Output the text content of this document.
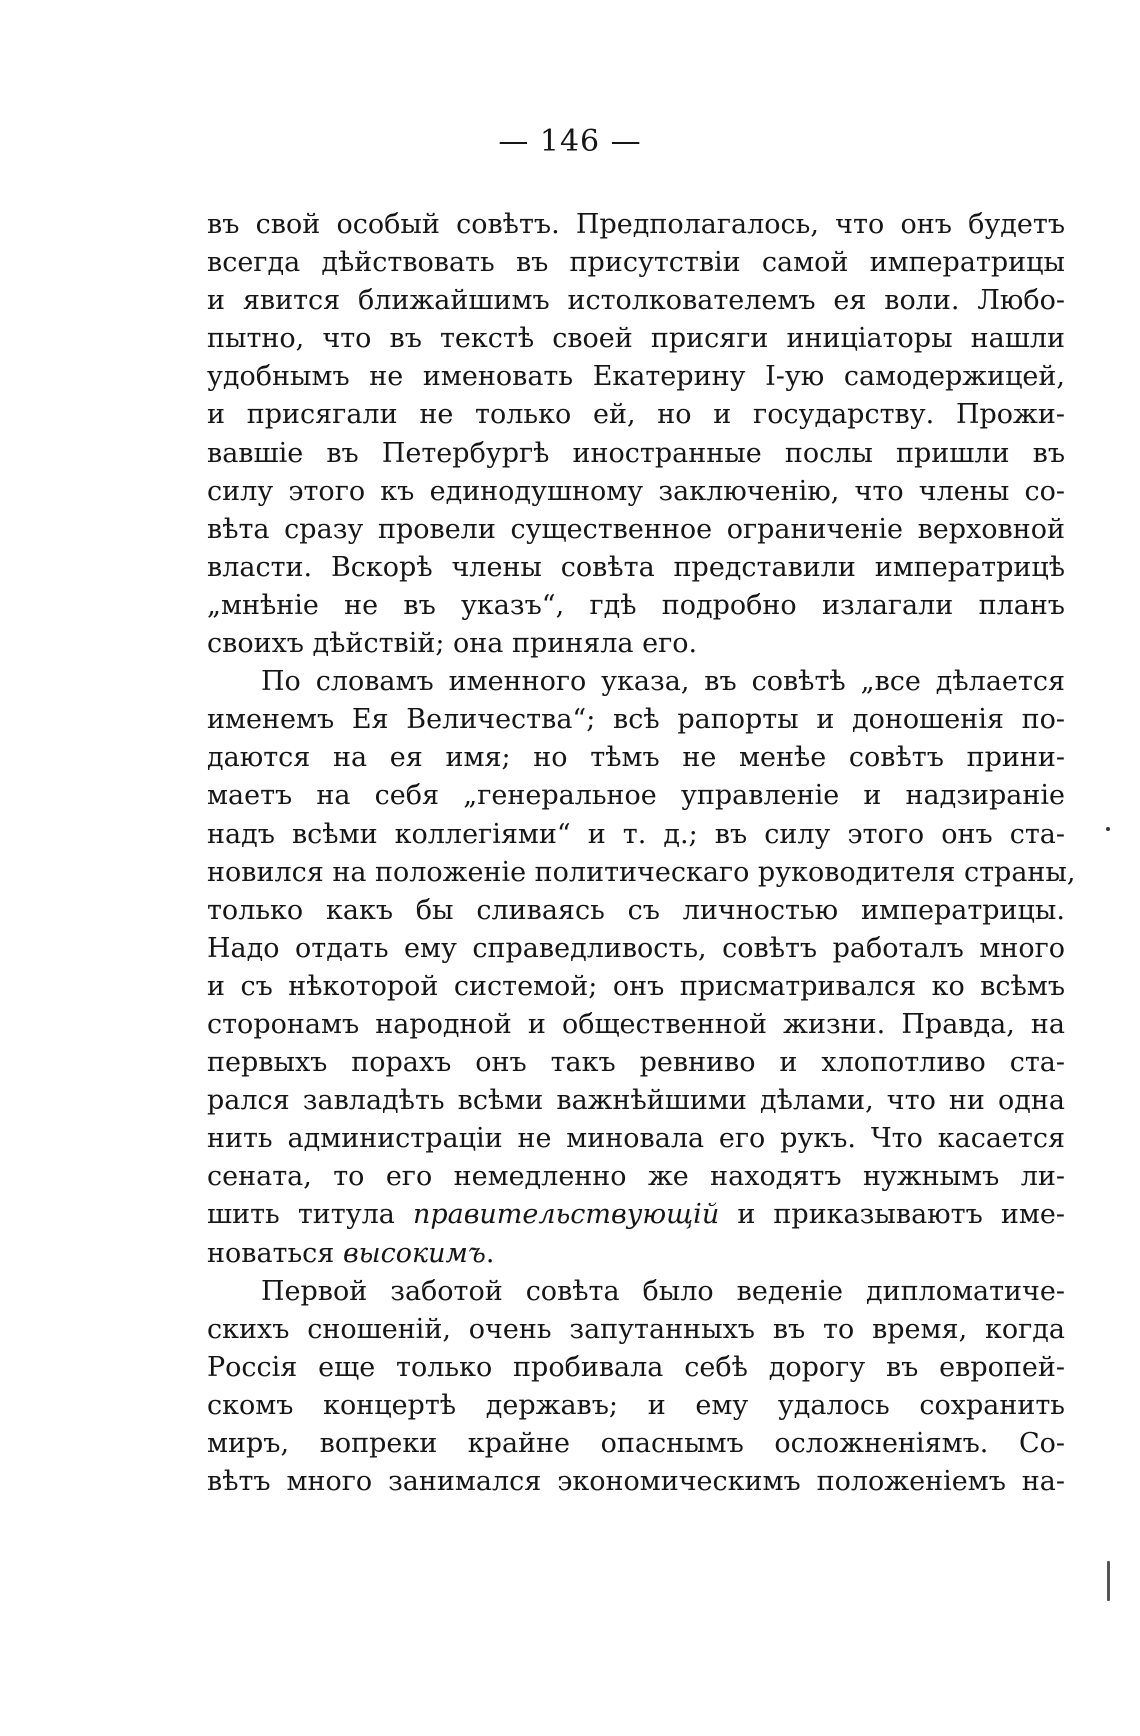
— 146 —
въ свой особый совѣтъ. Предполагалось, что онъ будетъ
всегда дѣйствовать въ присутствіи самой императрицы
и явится ближайшимъ истолкователемъ ея воли. Любо-
пытно, что въ текстѣ своей присяги иниціаторы нашли
удобнымъ не именовать Екатерину І-ую самодержицей,
и присягали не только ей, но и государству. Прожи-
вавшіе въ Петербургѣ иностранные послы пришли въ
силу этого къ единодушному заключенію, что члены со-
вѣта сразу провели существенное ограниченіе верховной
власти. Вскорѣ члены совѣта представили императрицѣ
„мнѣніе не въ указъ“, гдѣ подробно излагали планъ
своихъ дѣйствій; она приняла его.
По словамъ именного указа, въ совѣтѣ „все дѣлается
именемъ Ея Величества“; всѣ рапорты и доношенія по-
даются на ея имя; но тѣмъ не менѣе совѣтъ прини-
маетъ на себя „генеральное управленіе и надзираніе
надъ всѣми коллегіями“ и т. д.; въ силу этого онъ ста-
новился на положеніе политическаго руководителя страны,
только какъ бы сливаясь съ личностью императрицы.
Надо отдать ему справедливость, совѣтъ работалъ много
и съ нѣкоторой системой; онъ присматривался ко всѣмъ
сторонамъ народной и общественной жизни. Правда, на
первыхъ порахъ онъ такъ ревниво и хлопотливо ста-
рался завладѣть всѣми важнѣйшими дѣлами, что ни одна
нить администраціи не миновала его рукъ. Что касается
сената, то его немедленно же находятъ нужнымъ ли-
шить титула правительствующій и приказываютъ име-
новаться высокимъ.
Первой заботой совѣта было веденіе дипломатиче-
скихъ сношеній, очень запутанныхъ въ то время, когда
Россія еще только пробивала себѣ дорогу въ европей-
скомъ концертѣ державъ; и ему удалось сохранить
миръ, вопреки крайне опаснымъ осложненіямъ. Со-
вѣтъ много занимался экономическимъ положеніемъ на-
